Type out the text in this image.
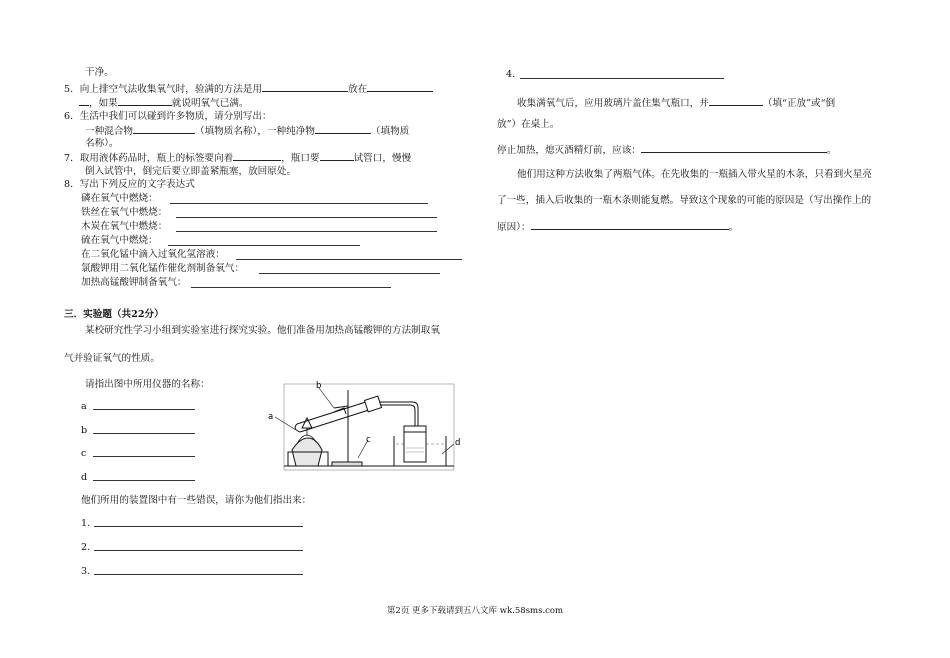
干净。
5．向上排空气法收集氧气时，验满的方法是用	放在
，如果	就说明氧气已满。
6．生活中我们可以碰到许多物质，请分别写出：
一种混合物	（填物质名称），一种纯净物	（填物质
名称）。
7．取用液体药品时，瓶上的标签要向着	，瓶口要	试管口，慢慢
倒入试管中，倒完后要立即盖紧瓶塞，放回原处。
8．写出下列反应的文字表达式
磷在氧气中燃烧：
铁丝在氧气中燃烧：
木炭在氧气中燃烧：
硫在氧气中燃烧：
在二氧化锰中滴入过氧化氢溶液：
氯酸钾用二氧化锰作催化剂制备氧气：
加热高锰酸钾制备氧气：
三．实验题（共22分）
某校研究性学习小组到实验室进行探究实验。他们准备用加热高锰酸钾的方法制取氧
气并验证氧气的性质。
请指出图中所用仪器的名称：
a
b
c
d
他们所用的装置图中有一些错误，请你为他们指出来：
1.
2.
3.
a
b
c	d
4.
收集满氧气后，应用玻璃片盖住集气瓶口，并	（填“正放”或“倒
放”）在桌上。
停止加热，熄灭酒精灯前，应该：	。
他们用这种方法收集了两瓶气体。在先收集的一瓶插入带火星的木条，只看到火星亮
了一些，插入后收集的一瓶木条则能复燃。导致这个现象的可能的原因是（写出操作上的
原因）：	。
第2页 更多下载请到五八文库 wk.58sms.com
